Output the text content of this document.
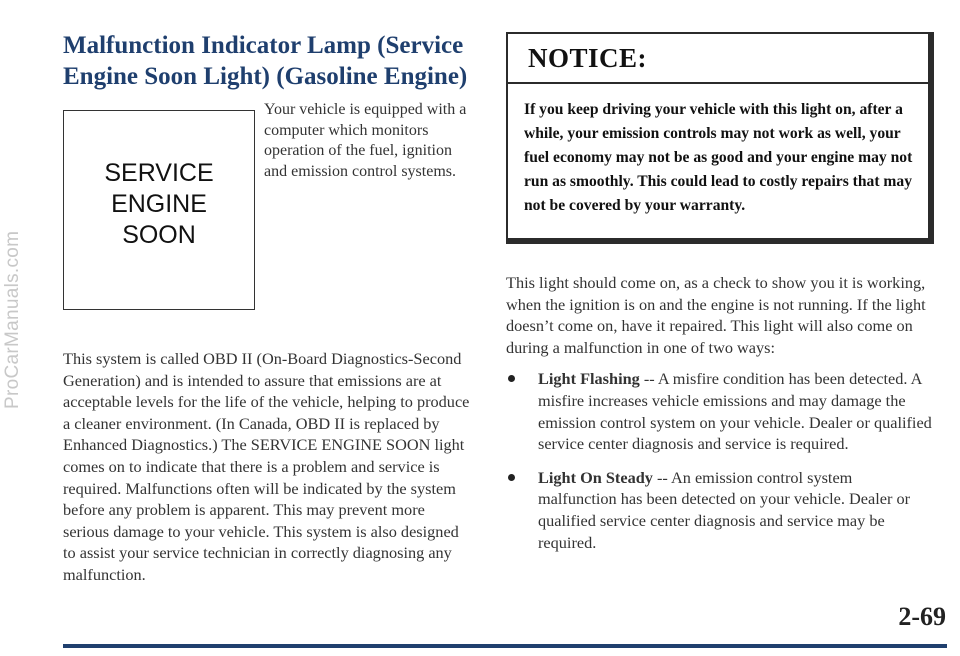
ProCarManuals.com
Malfunction Indicator Lamp (Service
Engine Soon Light) (Gasoline Engine)
SERVICE
ENGINE
SOON

Your vehicle is equipped with a computer which monitors operation of the fuel, ignition and emission control systems.

This system is called OBD II (On-Board Diagnostics-Second Generation) and is intended to assure that emissions are at acceptable levels for the life of the vehicle, helping to produce a cleaner environment. (In Canada, OBD II is replaced by Enhanced Diagnostics.) The SERVICE ENGINE SOON light comes on to indicate that there is a problem and service is required. Malfunctions often will be indicated by the system before any problem is apparent. This may prevent more serious damage to your vehicle. This system is also designed to assist your service technician in correctly diagnosing any malfunction.

NOTICE:

If you keep driving your vehicle with this light on, after a while, your emission controls may not work as well, your fuel economy may not be as good and your engine may not run as smoothly. This could lead to costly repairs that may not be covered by your warranty.

This light should come on, as a check to show you it is working, when the ignition is on and the engine is not running. If the light doesn’t come on, have it repaired. This light will also come on during a malfunction in one of two ways:

Light Flashing -- A misfire condition has been detected. A misfire increases vehicle emissions and may damage the emission control system on your vehicle. Dealer or qualified service center diagnosis and service is required.

Light On Steady -- An emission control system malfunction has been detected on your vehicle. Dealer or qualified service center diagnosis and service may be required.

2-69
